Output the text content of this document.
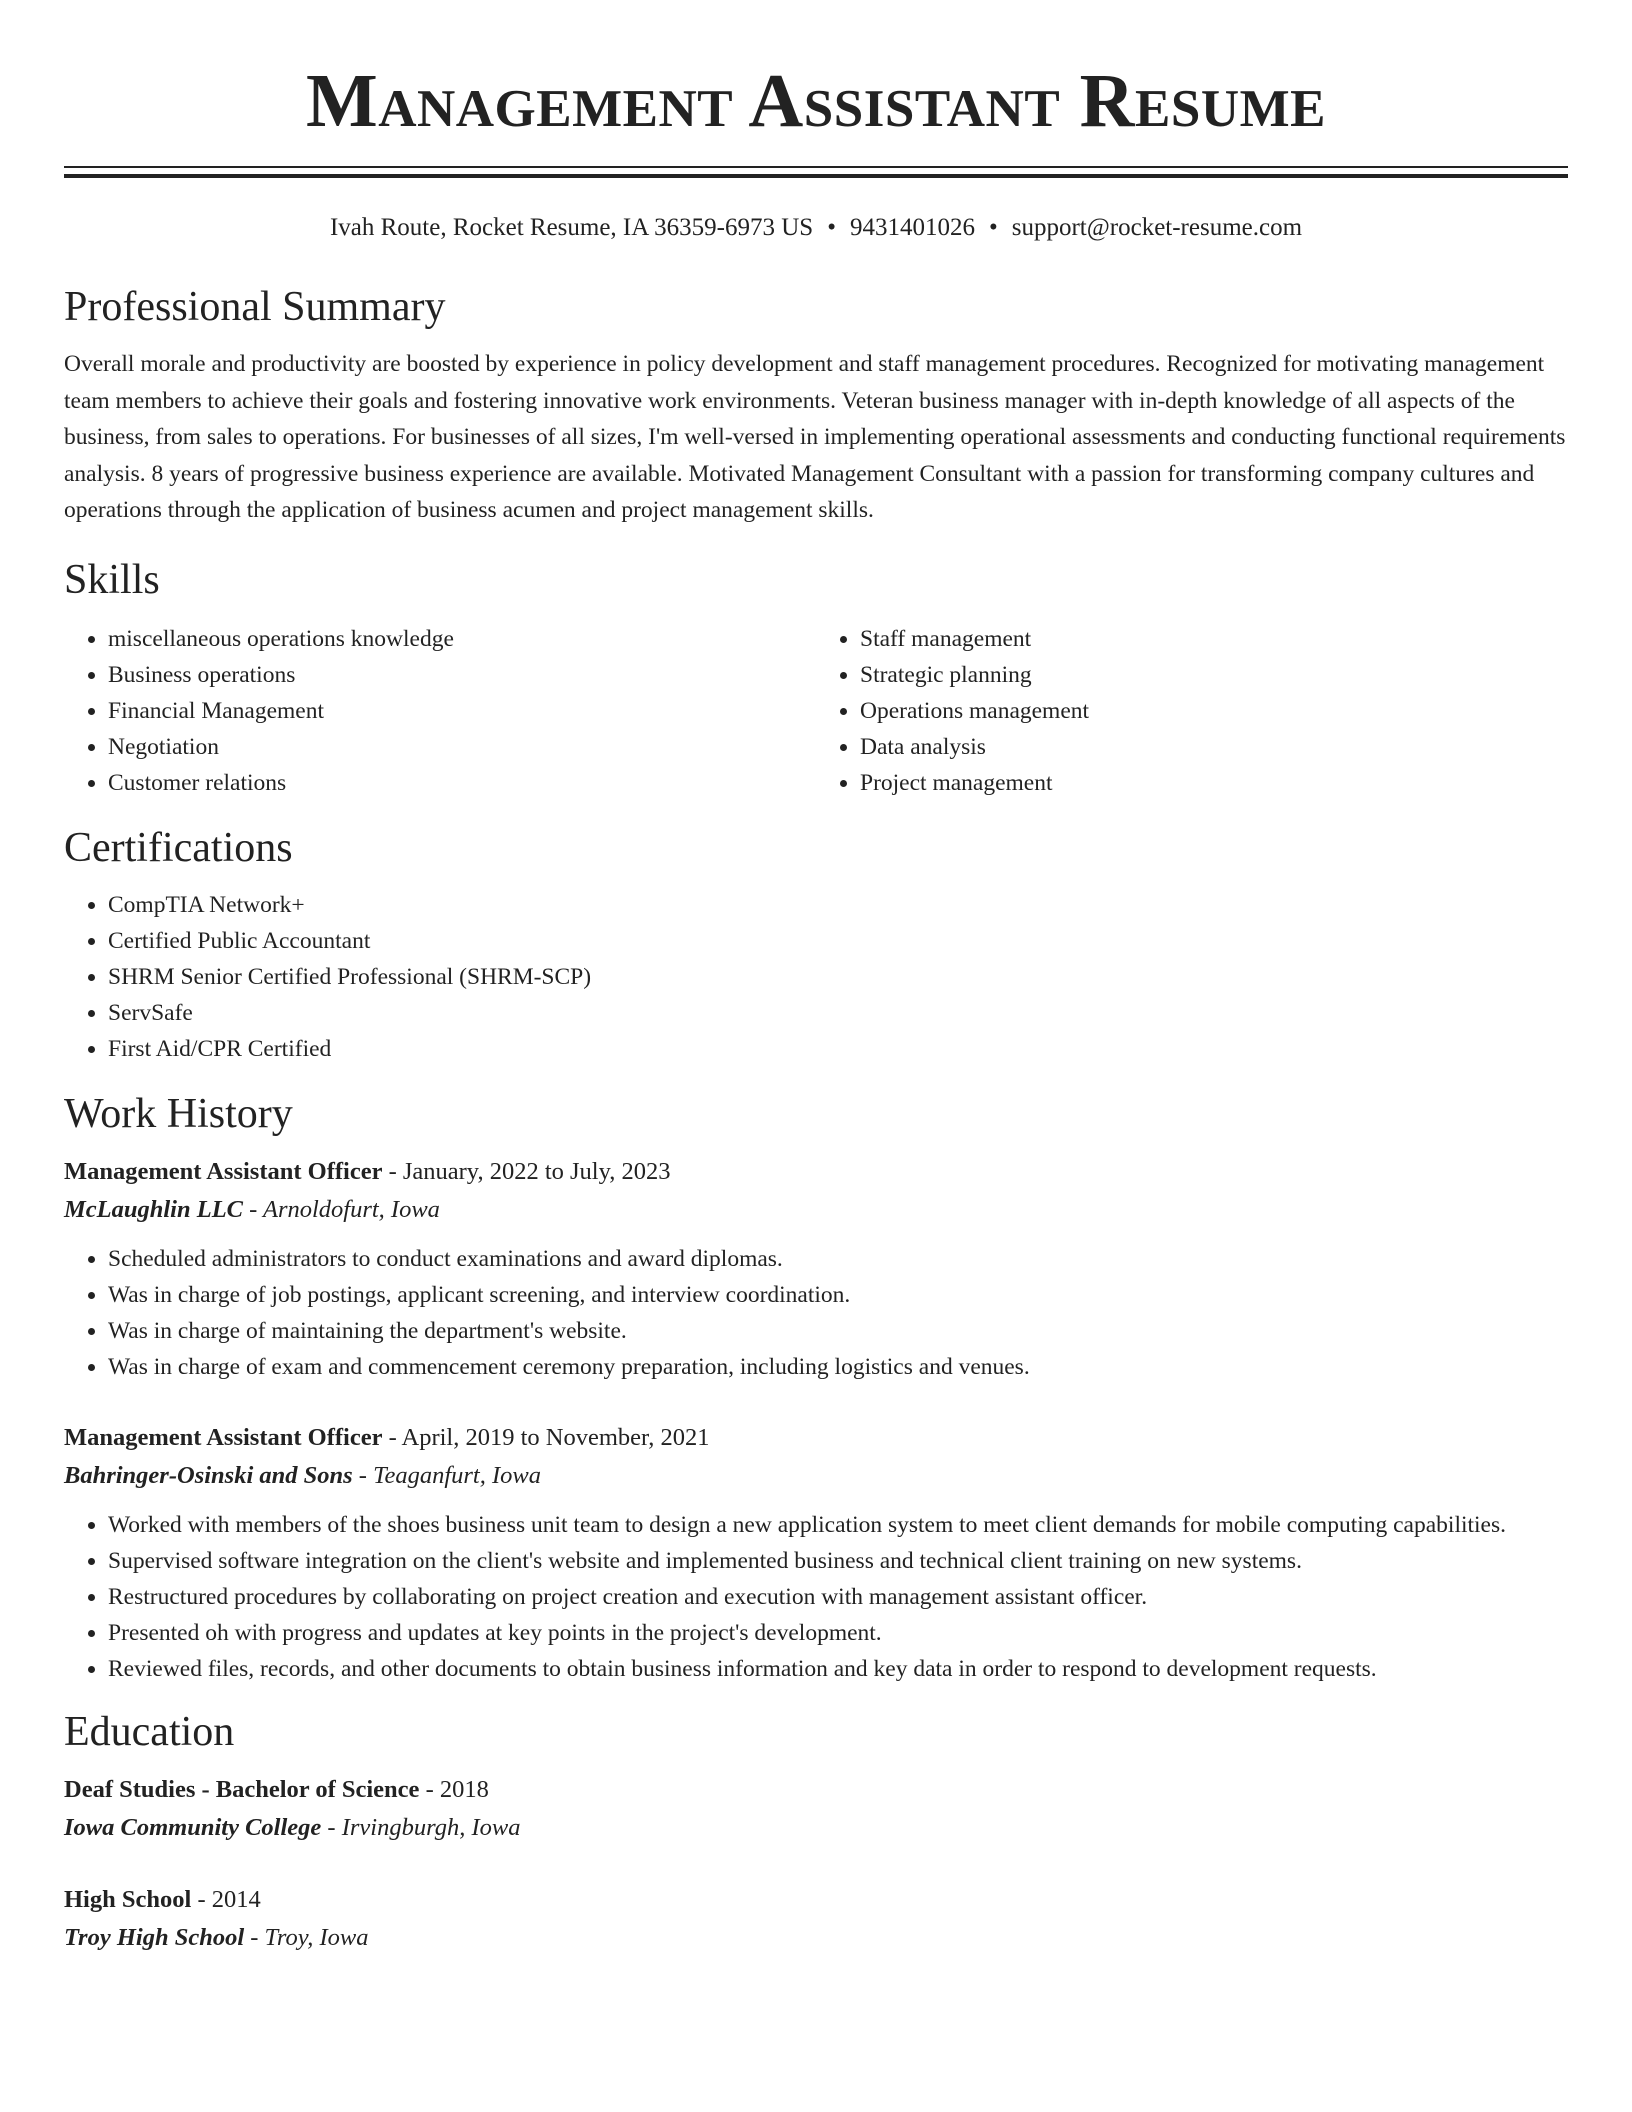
Management Assistant Resume
Ivah Route, Rocket Resume, IA 36359-6973 US • 9431401026 • support@rocket-resume.com
Professional Summary
Overall morale and productivity are boosted by experience in policy development and staff management procedures. Recognized for motivating management team members to achieve their goals and fostering innovative work environments. Veteran business manager with in-depth knowledge of all aspects of the business, from sales to operations. For businesses of all sizes, I'm well-versed in implementing operational assessments and conducting functional requirements analysis. 8 years of progressive business experience are available. Motivated Management Consultant with a passion for transforming company cultures and operations through the application of business acumen and project management skills.
Skills
• miscellaneous operations knowledge
• Business operations
• Financial Management
• Negotiation
• Customer relations
• Staff management
• Strategic planning
• Operations management
• Data analysis
• Project management
Certifications
• CompTIA Network+
• Certified Public Accountant
• SHRM Senior Certified Professional (SHRM-SCP)
• ServSafe
• First Aid/CPR Certified
Work History
Management Assistant Officer - January, 2022 to July, 2023
McLaughlin LLC - Arnoldofurt, Iowa
• Scheduled administrators to conduct examinations and award diplomas.
• Was in charge of job postings, applicant screening, and interview coordination.
• Was in charge of maintaining the department's website.
• Was in charge of exam and commencement ceremony preparation, including logistics and venues.
Management Assistant Officer - April, 2019 to November, 2021
Bahringer-Osinski and Sons - Teaganfurt, Iowa
• Worked with members of the shoes business unit team to design a new application system to meet client demands for mobile computing capabilities.
• Supervised software integration on the client's website and implemented business and technical client training on new systems.
• Restructured procedures by collaborating on project creation and execution with management assistant officer.
• Presented oh with progress and updates at key points in the project's development.
• Reviewed files, records, and other documents to obtain business information and key data in order to respond to development requests.
Education
Deaf Studies - Bachelor of Science - 2018
Iowa Community College - Irvingburgh, Iowa
High School - 2014
Troy High School - Troy, Iowa
